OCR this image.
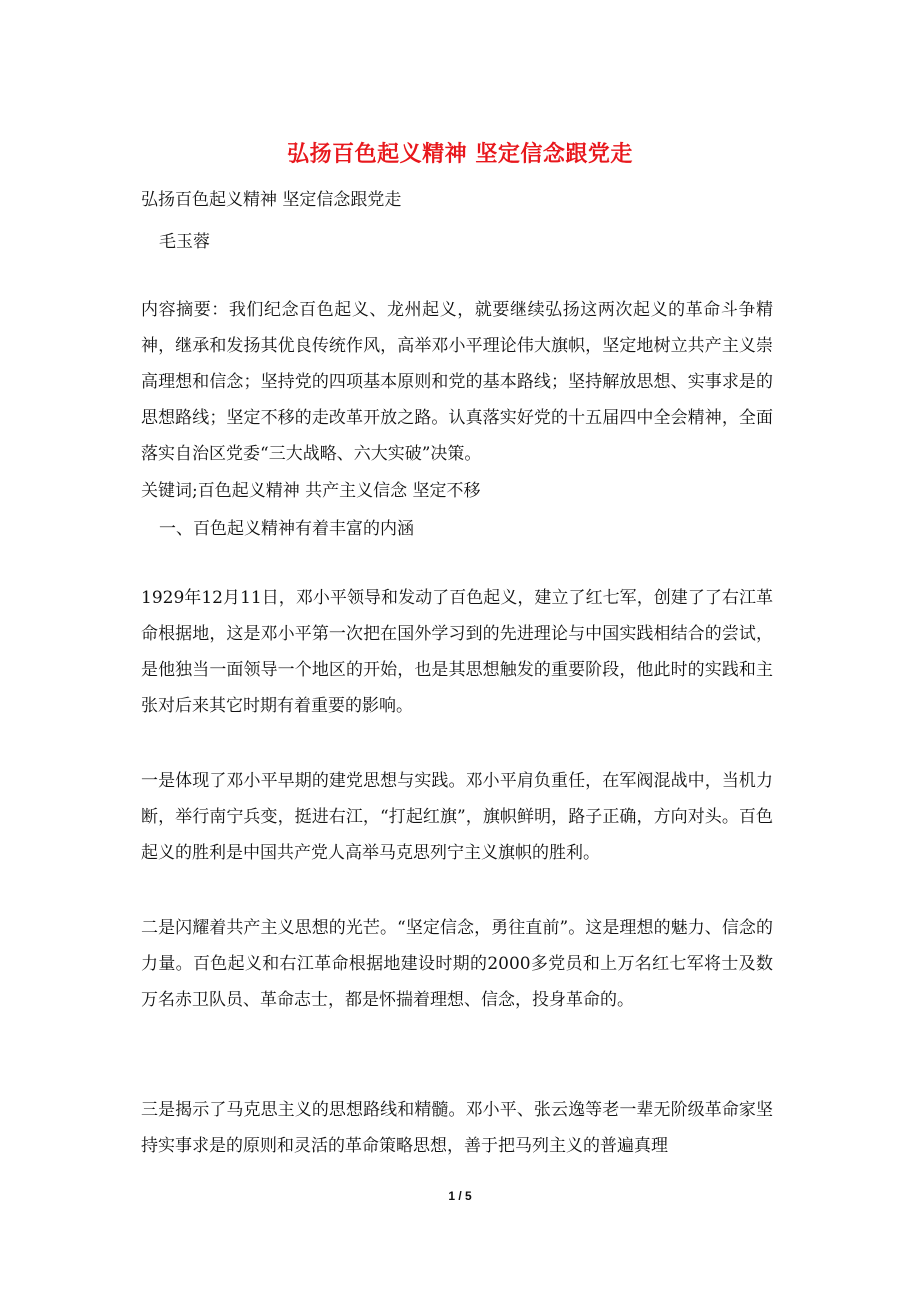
弘扬百色起义精神 坚定信念跟党走

弘扬百色起义精神 坚定信念跟党走

毛玉蓉

内容摘要：我们纪念百色起义、龙州起义，就要继续弘扬这两次起义的革命斗争精神，继承和发扬其优良传统作风，高举邓小平理论伟大旗帜，坚定地树立共产主义崇高理想和信念；坚持党的四项基本原则和党的基本路线；坚持解放思想、实事求是的思想路线；坚定不移的走改革开放之路。认真落实好党的十五届四中全会精神，全面落实自治区党委“三大战略、六大实破”决策。

关键词;百色起义精神 共产主义信念 坚定不移

一、百色起义精神有着丰富的内涵

1929年12月11日，邓小平领导和发动了百色起义，建立了红七军，创建了了右江革命根据地，这是邓小平第一次把在国外学习到的先进理论与中国实践相结合的尝试，是他独当一面领导一个地区的开始，也是其思想触发的重要阶段，他此时的实践和主张对后来其它时期有着重要的影响。

一是体现了邓小平早期的建党思想与实践。邓小平肩负重任，在军阀混战中，当机力断，举行南宁兵变，挺进右江，“打起红旗”，旗帜鲜明，路子正确，方向对头。百色起义的胜利是中国共产党人高举马克思列宁主义旗帜的胜利。

二是闪耀着共产主义思想的光芒。“坚定信念，勇往直前”。这是理想的魅力、信念的力量。百色起义和右江革命根据地建设时期的2000多党员和上万名红七军将士及数万名赤卫队员、革命志士，都是怀揣着理想、信念，投身革命的。

三是揭示了马克思主义的思想路线和精髓。邓小平、张云逸等老一辈无阶级革命家坚持实事求是的原则和灵活的革命策略思想，善于把马列主义的普遍真理

1 / 5
